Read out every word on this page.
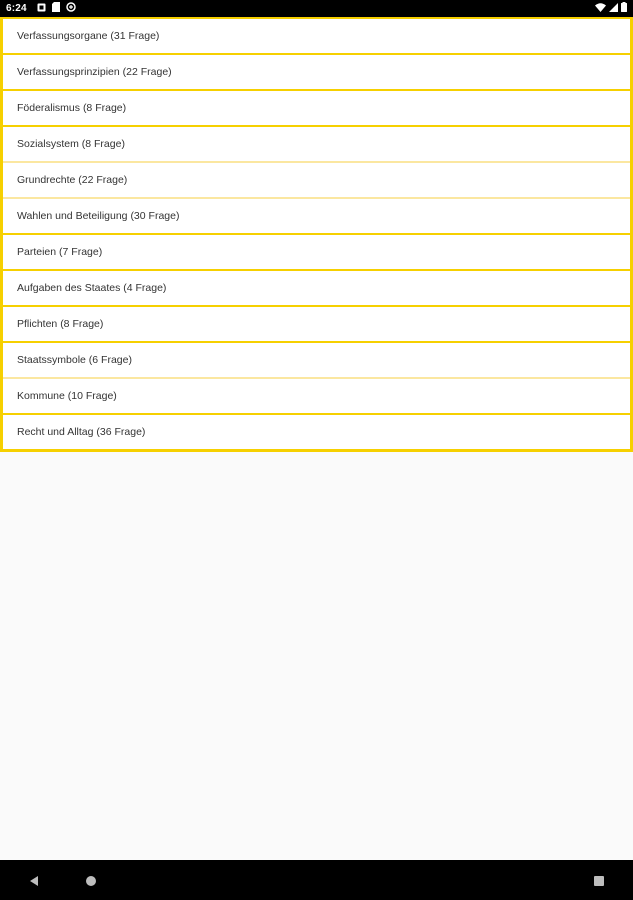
6:24
Verfassungsorgane (31 Frage)
Verfassungsprinzipien (22 Frage)
Föderalismus (8 Frage)
Sozialsystem (8 Frage)
Grundrechte (22 Frage)
Wahlen und Beteiligung (30 Frage)
Parteien (7 Frage)
Aufgaben des Staates (4 Frage)
Pflichten (8 Frage)
Staatssymbole (6 Frage)
Kommune (10 Frage)
Recht und Alltag (36 Frage)
